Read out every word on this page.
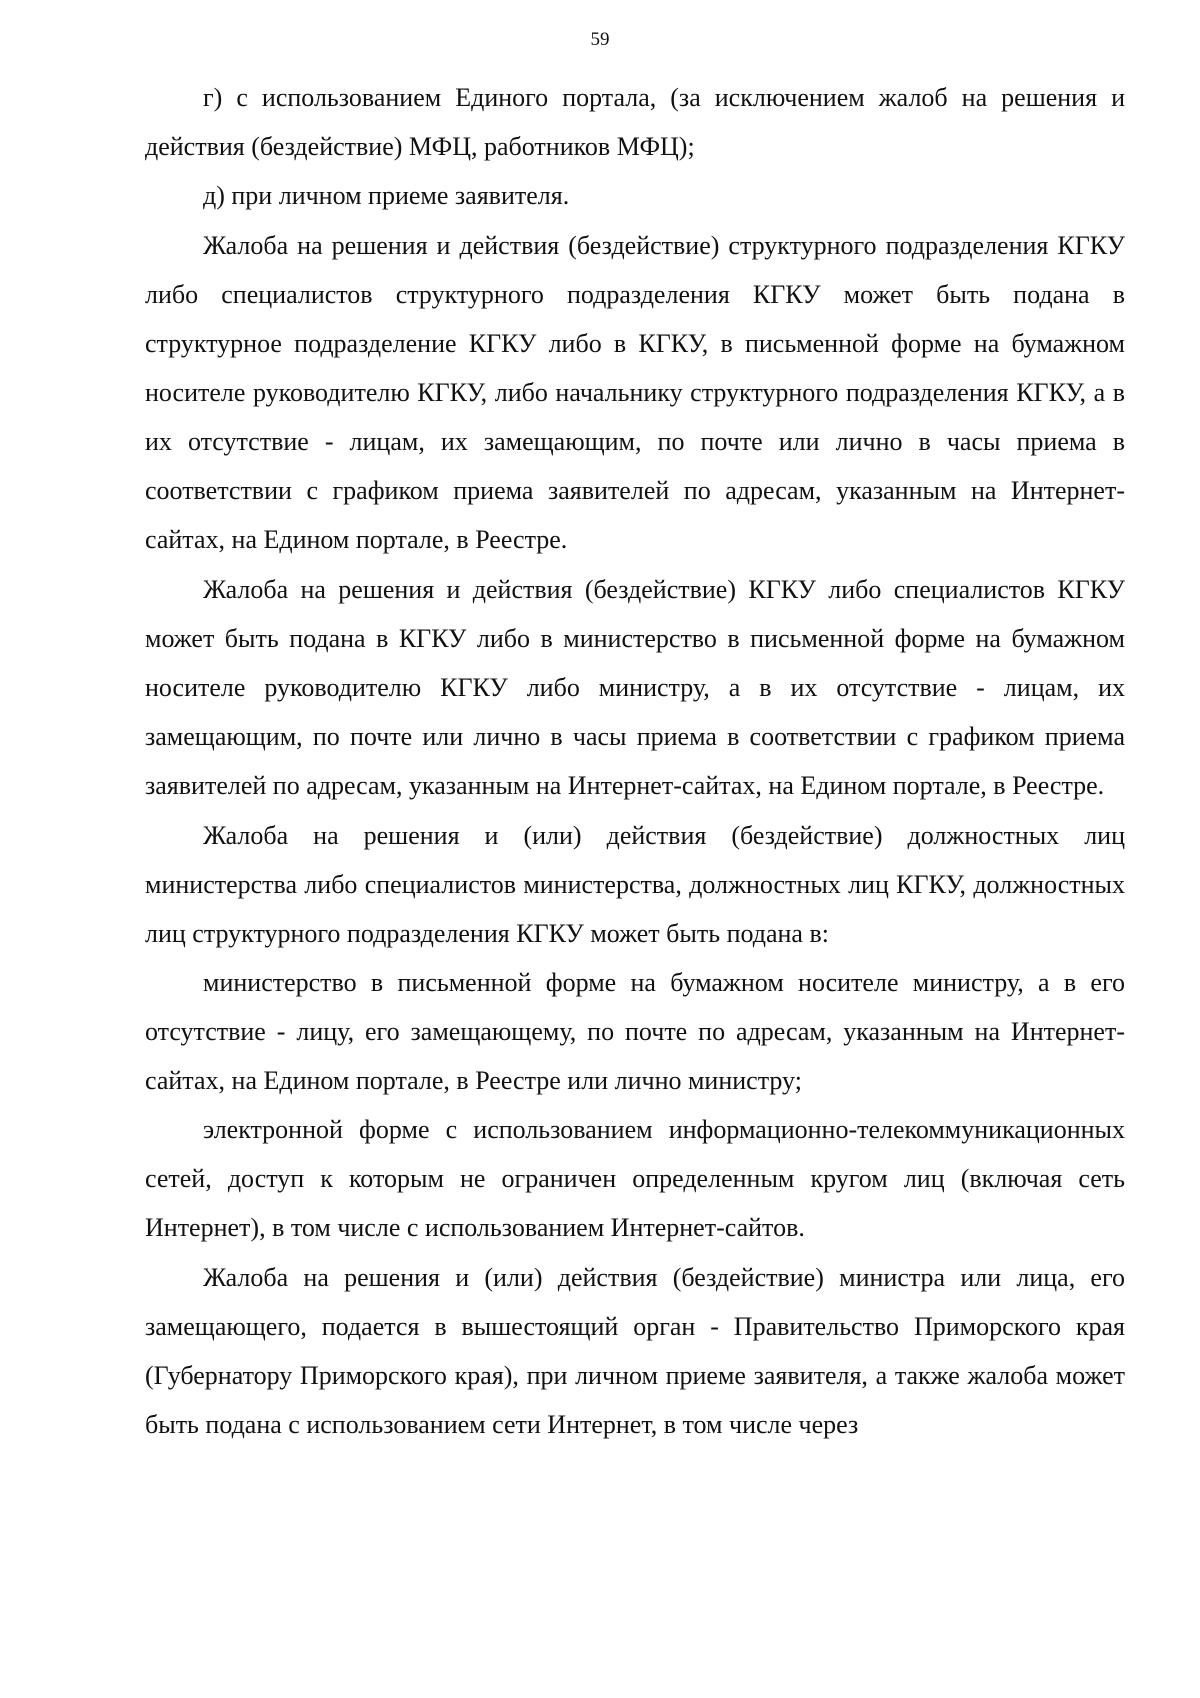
59

г) с использованием Единого портала, (за исключением жалоб на решения и действия (бездействие) МФЦ, работников МФЦ);

д) при личном приеме заявителя.

Жалоба на решения и действия (бездействие) структурного подразделения КГКУ либо специалистов структурного подразделения КГКУ может быть подана в структурное подразделение КГКУ либо в КГКУ, в письменной форме на бумажном носителе руководителю КГКУ, либо начальнику структурного подразделения КГКУ, а в их отсутствие - лицам, их замещающим, по почте или лично в часы приема в соответствии с графиком приема заявителей по адресам, указанным на Интернет-сайтах, на Едином портале, в Реестре.

Жалоба на решения и действия (бездействие) КГКУ либо специалистов КГКУ может быть подана в КГКУ либо в министерство в письменной форме на бумажном носителе руководителю КГКУ либо министру, а в их отсутствие - лицам, их замещающим, по почте или лично в часы приема в соответствии с графиком приема заявителей по адресам, указанным на Интернет-сайтах, на Едином портале, в Реестре.

Жалоба на решения и (или) действия (бездействие) должностных лиц министерства либо специалистов министерства, должностных лиц КГКУ, должностных лиц структурного подразделения КГКУ может быть подана в:

министерство в письменной форме на бумажном носителе министру, а в его отсутствие - лицу, его замещающему, по почте по адресам, указанным на Интернет-сайтах, на Едином портале, в Реестре или лично министру;

электронной форме с использованием информационно-телекоммуникационных сетей, доступ к которым не ограничен определенным кругом лиц (включая сеть Интернет), в том числе с использованием Интернет-сайтов.

Жалоба на решения и (или) действия (бездействие) министра или лица, его замещающего, подается в вышестоящий орган - Правительство Приморского края (Губернатору Приморского края), при личном приеме заявителя, а также жалоба может быть подана с использованием сети Интернет, в том числе через
